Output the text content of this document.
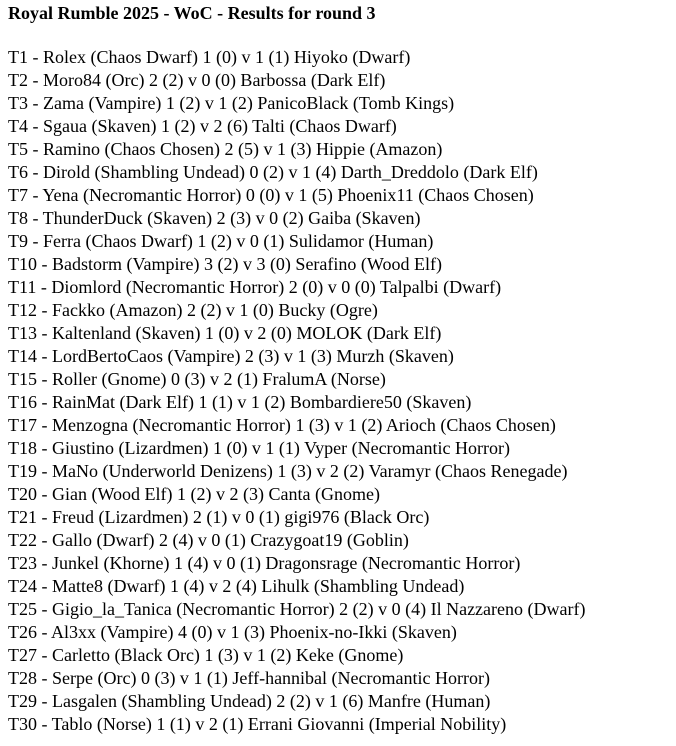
Royal Rumble 2025 - WoC - Results for round 3
T1 - Rolex (Chaos Dwarf) 1 (0) v 1 (1) Hiyoko (Dwarf)
T2 - Moro84 (Orc) 2 (2) v 0 (0) Barbossa (Dark Elf)
T3 - Zama (Vampire) 1 (2) v 1 (2) PanicoBlack (Tomb Kings)
T4 - Sgaua (Skaven) 1 (2) v 2 (6) Talti (Chaos Dwarf)
T5 - Ramino (Chaos Chosen) 2 (5) v 1 (3) Hippie (Amazon)
T6 - Dirold (Shambling Undead) 0 (2) v 1 (4) Darth_Dreddolo (Dark Elf)
T7 - Yena (Necromantic Horror) 0 (0) v 1 (5) Phoenix11 (Chaos Chosen)
T8 - ThunderDuck (Skaven) 2 (3) v 0 (2) Gaiba (Skaven)
T9 - Ferra (Chaos Dwarf) 1 (2) v 0 (1) Sulidamor (Human)
T10 - Badstorm (Vampire) 3 (2) v 3 (0) Serafino (Wood Elf)
T11 - Diomlord (Necromantic Horror) 2 (0) v 0 (0) Talpalbi (Dwarf)
T12 - Fackko (Amazon) 2 (2) v 1 (0) Bucky (Ogre)
T13 - Kaltenland (Skaven) 1 (0) v 2 (0) MOLOK (Dark Elf)
T14 - LordBertoCaos (Vampire) 2 (3) v 1 (3) Murzh (Skaven)
T15 - Roller (Gnome) 0 (3) v 2 (1) FralumA (Norse)
T16 - RainMat (Dark Elf) 1 (1) v 1 (2) Bombardiere50 (Skaven)
T17 - Menzogna (Necromantic Horror) 1 (3) v 1 (2) Arioch (Chaos Chosen)
T18 - Giustino (Lizardmen) 1 (0) v 1 (1) Vyper (Necromantic Horror)
T19 - MaNo (Underworld Denizens) 1 (3) v 2 (2) Varamyr (Chaos Renegade)
T20 - Gian (Wood Elf) 1 (2) v 2 (3) Canta (Gnome)
T21 - Freud (Lizardmen) 2 (1) v 0 (1) gigi976 (Black Orc)
T22 - Gallo (Dwarf) 2 (4) v 0 (1) Crazygoat19 (Goblin)
T23 - Junkel (Khorne) 1 (4) v 0 (1) Dragonsrage (Necromantic Horror)
T24 - Matte8 (Dwarf) 1 (4) v 2 (4) Lihulk (Shambling Undead)
T25 - Gigio_la_Tanica (Necromantic Horror) 2 (2) v 0 (4) Il Nazzareno (Dwarf)
T26 - Al3xx (Vampire) 4 (0) v 1 (3) Phoenix-no-Ikki (Skaven)
T27 - Carletto (Black Orc) 1 (3) v 1 (2) Keke (Gnome)
T28 - Serpe (Orc) 0 (3) v 1 (1) Jeff-hannibal (Necromantic Horror)
T29 - Lasgalen (Shambling Undead) 2 (2) v 1 (6) Manfre (Human)
T30 - Tablo (Norse) 1 (1) v 2 (1) Errani Giovanni (Imperial Nobility)
